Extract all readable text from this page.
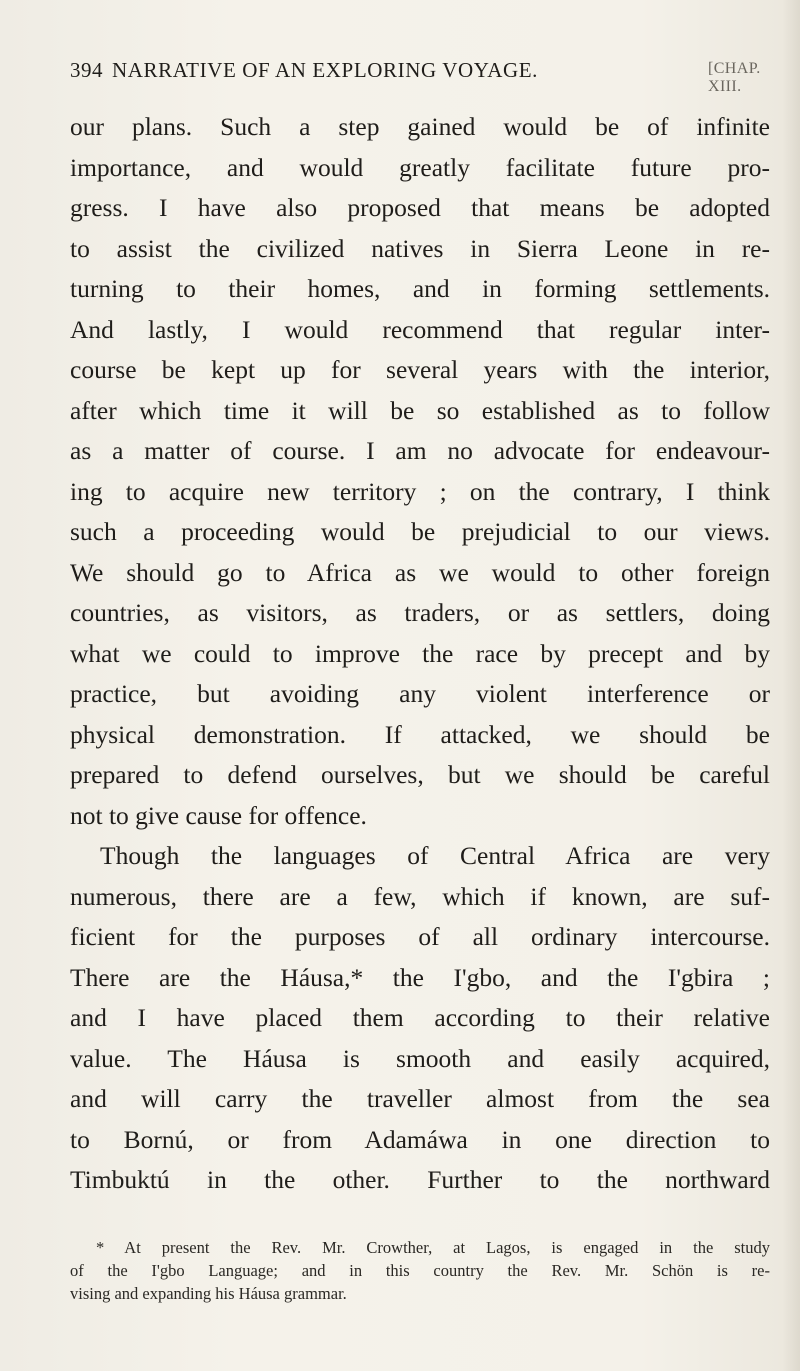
394 NARRATIVE OF AN EXPLORING VOYAGE.	[CHAP. XIII.
our plans. Such a step gained would be of infinite
importance, and would greatly facilitate future pro-
gress. I have also proposed that means be adopted
to assist the civilized natives in Sierra Leone in re-
turning to their homes, and in forming settlements.
And lastly, I would recommend that regular inter-
course be kept up for several years with the interior,
after which time it will be so established as to follow
as a matter of course. I am no advocate for endeavour-
ing to acquire new territory ; on the contrary, I think
such a proceeding would be prejudicial to our views.
We should go to Africa as we would to other foreign
countries, as visitors, as traders, or as settlers, doing
what we could to improve the race by precept and by
practice, but avoiding any violent interference or
physical demonstration. If attacked, we should be
prepared to defend ourselves, but we should be careful
not to give cause for offence.
Though the languages of Central Africa are very
numerous, there are a few, which if known, are suf-
ficient for the purposes of all ordinary intercourse.
There are the Háusa,* the I'gbo, and the I'gbira ;
and I have placed them according to their relative
value. The Háusa is smooth and easily acquired,
and will carry the traveller almost from the sea
to Bornú, or from Adamáwa in one direction to
Timbuktú in the other. Further to the northward
* At present the Rev. Mr. Crowther, at Lagos, is engaged in the study
of the I'gbo Language; and in this country the Rev. Mr. Schön is re-
vising and expanding his Háusa grammar.
